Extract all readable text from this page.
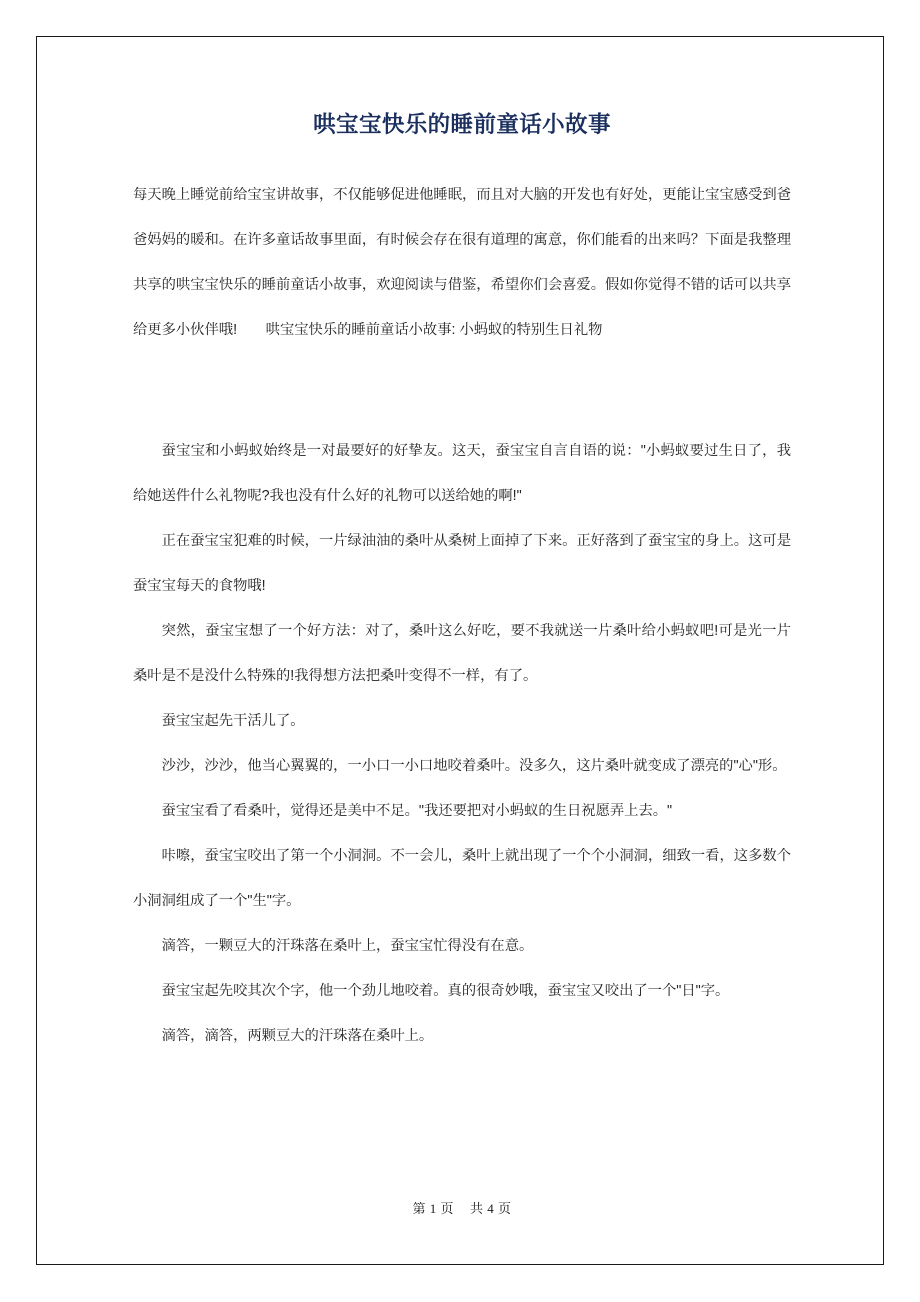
哄宝宝快乐的睡前童话小故事

每天晚上睡觉前给宝宝讲故事，不仅能够促进他睡眠，而且对大脑的开发也有好处，更能让宝宝感受到爸爸妈妈的暖和。在许多童话故事里面，有时候会存在很有道理的寓意，你们能看的出来吗？下面是我整理共享的哄宝宝快乐的睡前童话小故事，欢迎阅读与借鉴，希望你们会喜爱。假如你觉得不错的话可以共享给更多小伙伴哦!　　哄宝宝快乐的睡前童话小故事: 小蚂蚁的特别生日礼物

蚕宝宝和小蚂蚁始终是一对最要好的好挚友。这天，蚕宝宝自言自语的说："小蚂蚁要过生日了，我给她送件什么礼物呢?我也没有什么好的礼物可以送给她的啊!"

正在蚕宝宝犯难的时候，一片绿油油的桑叶从桑树上面掉了下来。正好落到了蚕宝宝的身上。这可是蚕宝宝每天的食物哦!

突然，蚕宝宝想了一个好方法：对了，桑叶这么好吃，要不我就送一片桑叶给小蚂蚁吧!可是光一片桑叶是不是没什么特殊的!我得想方法把桑叶变得不一样，有了。

蚕宝宝起先干活儿了。

沙沙，沙沙，他当心翼翼的，一小口一小口地咬着桑叶。没多久，这片桑叶就变成了漂亮的"心"形。

蚕宝宝看了看桑叶，觉得还是美中不足。"我还要把对小蚂蚁的生日祝愿弄上去。"

咔嚓，蚕宝宝咬出了第一个小洞洞。不一会儿，桑叶上就出现了一个个小洞洞，细致一看，这多数个小洞洞组成了一个"生"字。

滴答，一颗豆大的汗珠落在桑叶上，蚕宝宝忙得没有在意。

蚕宝宝起先咬其次个字，他一个劲儿地咬着。真的很奇妙哦，蚕宝宝又咬出了一个"日"字。

滴答，滴答，两颗豆大的汗珠落在桑叶上。

第 1 页 共 4 页
